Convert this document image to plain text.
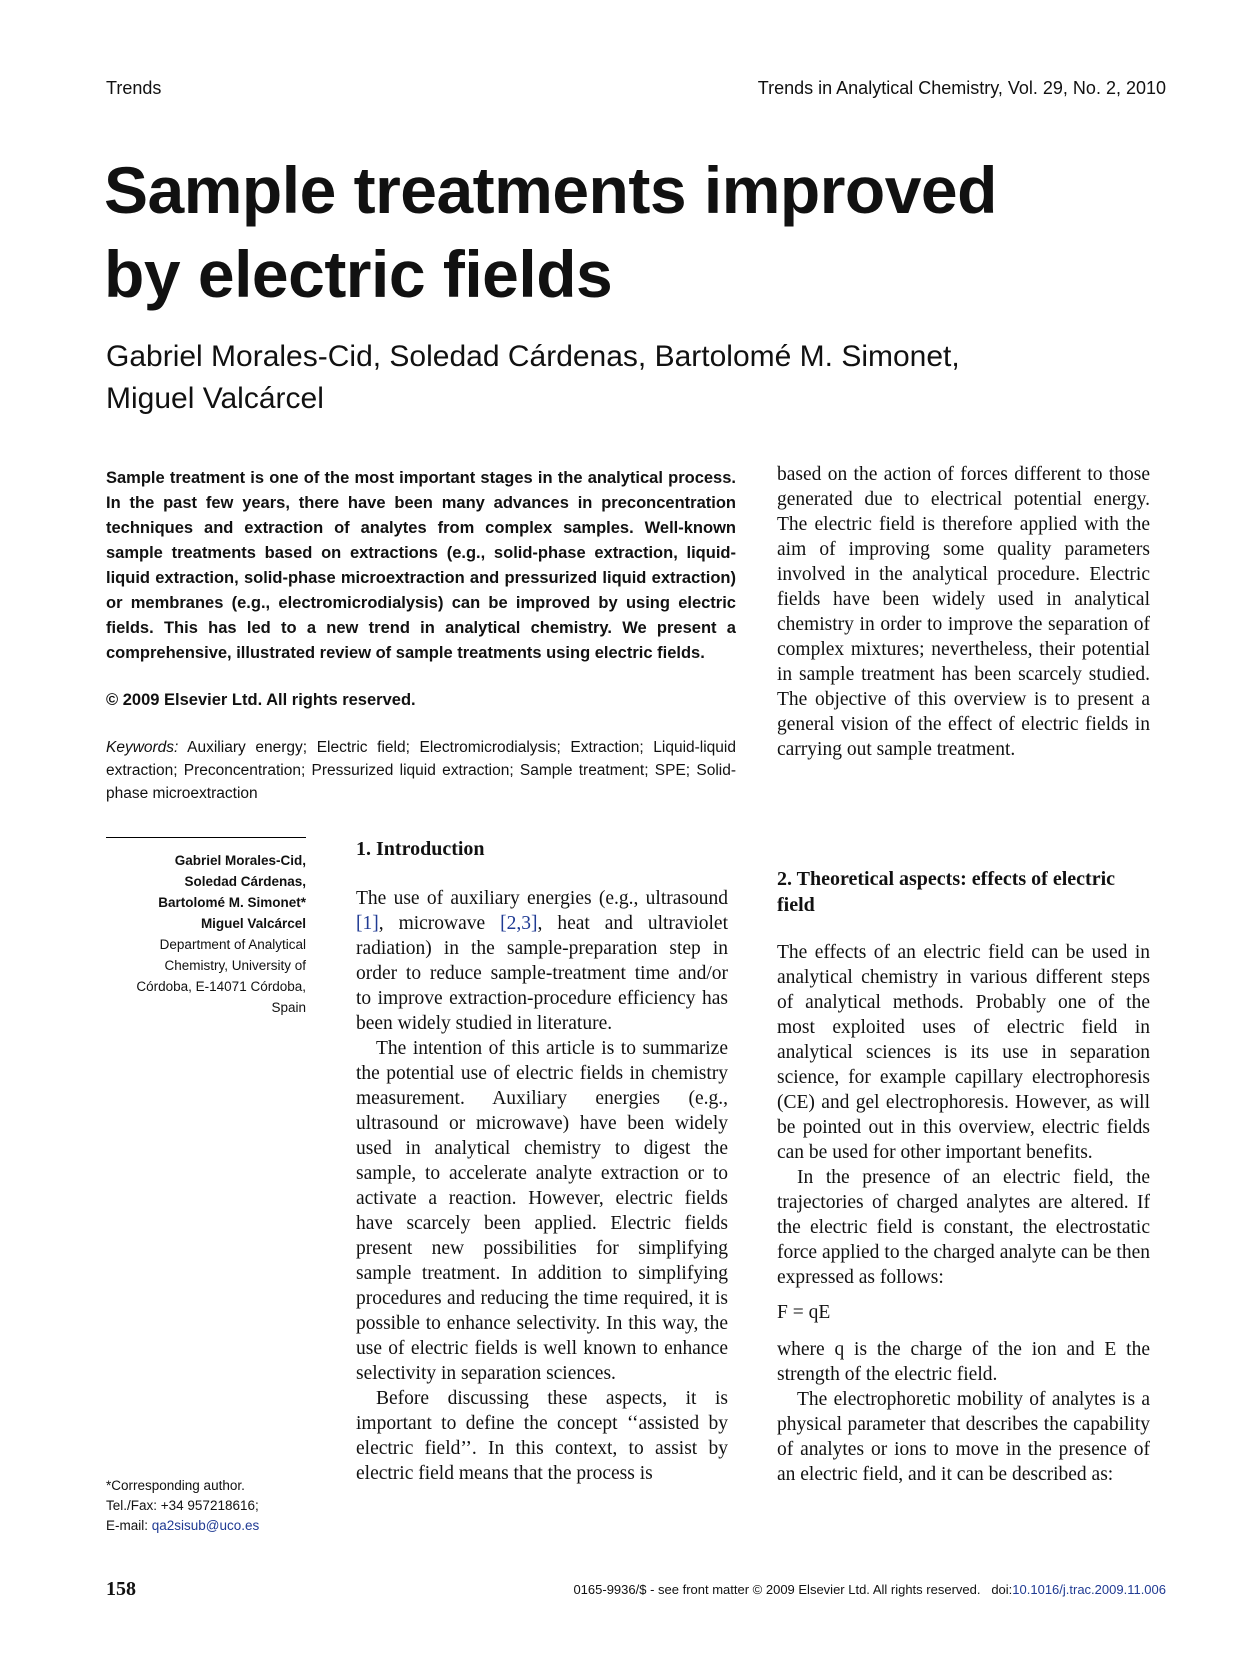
Trends	Trends in Analytical Chemistry, Vol. 29, No. 2, 2010
Sample treatments improved
by electric fields
Gabriel Morales-Cid, Soledad Cárdenas, Bartolomé M. Simonet,
Miguel Valcárcel
Sample treatment is one of the most important stages in the analytical process. In the past few years, there have been many advances in preconcentration techniques and extraction of analytes from complex samples. Well-known sample treatments based on extractions (e.g., solid-phase extraction, liquid-liquid extraction, solid-phase microextraction and pressurized liquid extraction) or membranes (e.g., electromicrodialysis) can be improved by using electric fields. This has led to a new trend in analytical chemistry. We present a comprehensive, illustrated review of sample treatments using electric fields.
© 2009 Elsevier Ltd. All rights reserved.
Keywords: Auxiliary energy; Electric field; Electromicrodialysis; Extraction; Liquid-liquid extraction; Preconcentration; Pressurized liquid extraction; Sample treatment; SPE; Solid-phase microextraction
Gabriel Morales-Cid,
Soledad Cárdenas,
Bartolomé M. Simonet*
Miguel Valcárcel
Department of Analytical
Chemistry, University of
Córdoba, E-14071 Córdoba,
Spain
*Corresponding author.
Tel./Fax: +34 957218616;
E-mail: qa2sisub@uco.es
1. Introduction

The use of auxiliary energies (e.g., ultrasound [1], microwave [2,3], heat and ultraviolet radiation) in the sample-preparation step in order to reduce sample-treatment time and/or to improve extraction-procedure efficiency has been widely studied in literature.

The intention of this article is to summarize the potential use of electric fields in chemistry measurement. Auxiliary energies (e.g., ultrasound or microwave) have been widely used in analytical chemistry to digest the sample, to accelerate analyte extraction or to activate a reaction. However, electric fields have scarcely been applied. Electric fields present new possibilities for simplifying sample treatment. In addition to simplifying procedures and reducing the time required, it is possible to enhance selectivity. In this way, the use of electric fields is well known to enhance selectivity in separation sciences.

Before discussing these aspects, it is important to define the concept ‘‘assisted by electric field’’. In this context, to assist by electric field means that the process is

based on the action of forces different to those generated due to electrical potential energy. The electric field is therefore applied with the aim of improving some quality parameters involved in the analytical procedure. Electric fields have been widely used in analytical chemistry in order to improve the separation of complex mixtures; nevertheless, their potential in sample treatment has been scarcely studied. The objective of this overview is to present a general vision of the effect of electric fields in carrying out sample treatment.

2. Theoretical aspects: effects of electric field

The effects of an electric field can be used in analytical chemistry in various different steps of analytical methods. Probably one of the most exploited uses of electric field in analytical sciences is its use in separation science, for example capillary electrophoresis (CE) and gel electrophoresis. However, as will be pointed out in this overview, electric fields can be used for other important benefits.

In the presence of an electric field, the trajectories of charged analytes are altered. If the electric field is constant, the electrostatic force applied to the charged analyte can be then expressed as follows:

F = qE

where q is the charge of the ion and E the strength of the electric field.

The electrophoretic mobility of analytes is a physical parameter that describes the capability of analytes or ions to move in the presence of an electric field, and it can be described as:

158	0165-9936/$ - see front matter © 2009 Elsevier Ltd. All rights reserved. doi:10.1016/j.trac.2009.11.006
